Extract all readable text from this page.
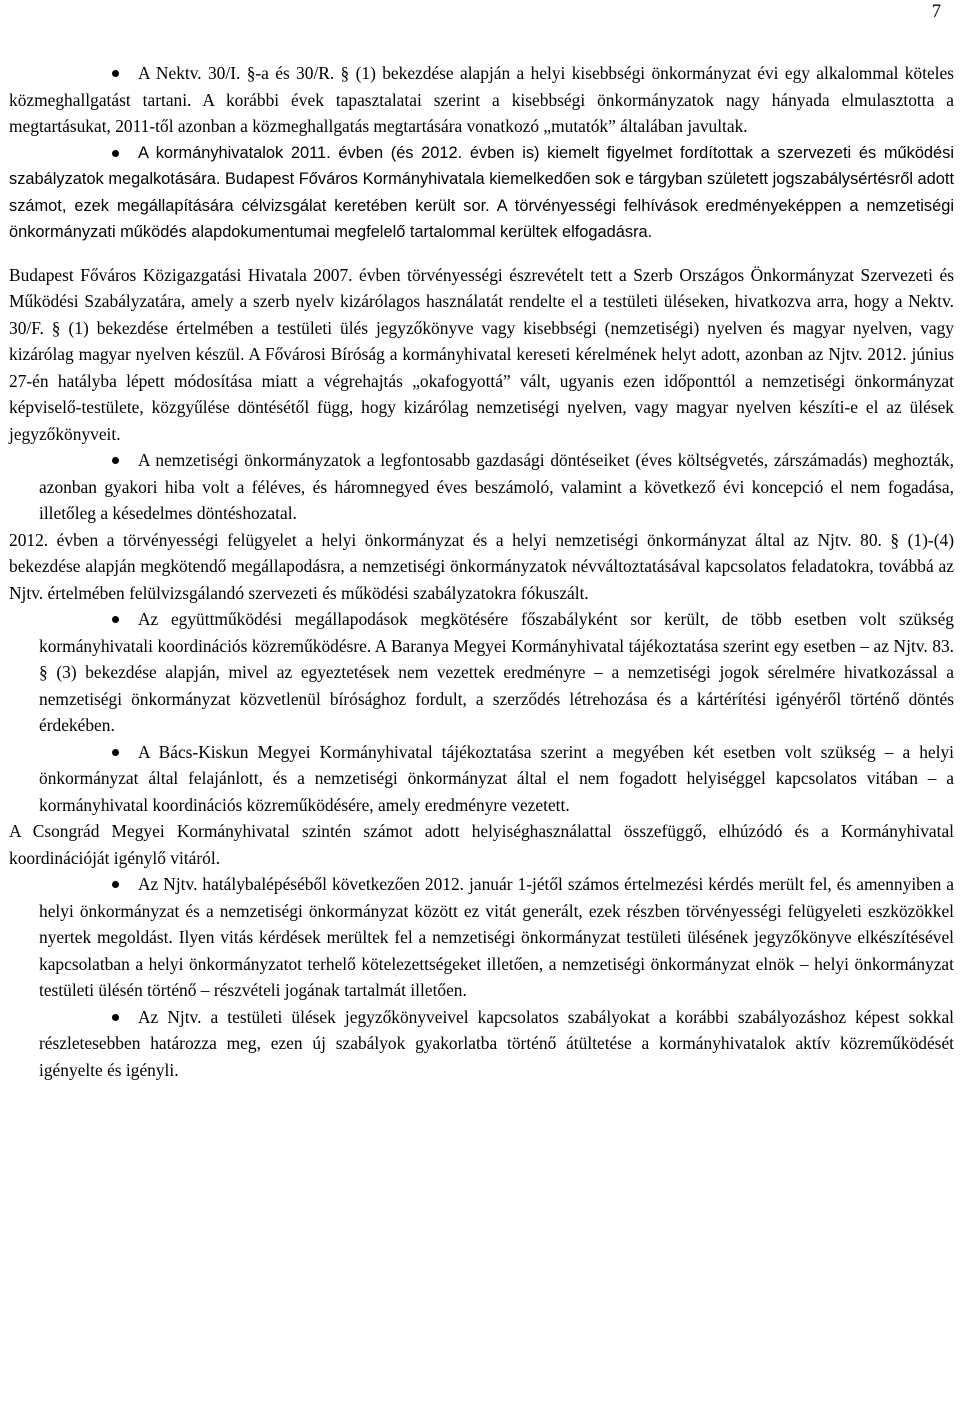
7

A Nektv. 30/I. §-a és 30/R. § (1) bekezdése alapján a helyi kisebbségi önkormányzat évi egy alkalommal köteles közmeghallgatást tartani. A korábbi évek tapasztalatai szerint a kisebbségi önkormányzatok nagy hányada elmulasztotta a megtartásukat, 2011-től azonban a közmeghallgatás megtartására vonatkozó „mutatók” általában javultak.

A kormányhivatalok 2011. évben (és 2012. évben is) kiemelt figyelmet fordítottak a szervezeti és működési szabályzatok megalkotására. Budapest Főváros Kormányhivatala kiemelkedően sok e tárgyban született jogszabálysértésről adott számot, ezek megállapítására célvizsgálat keretében került sor. A törvényességi felhívások eredményeképpen a nemzetiségi önkormányzati működés alapdokumentumai megfelelő tartalommal kerültek elfogadásra.

Budapest Főváros Közigazgatási Hivatala 2007. évben törvényességi észrevételt tett a Szerb Országos Önkormányzat Szervezeti és Működési Szabályzatára, amely a szerb nyelv kizárólagos használatát rendelte el a testületi üléseken, hivatkozva arra, hogy a Nektv. 30/F. § (1) bekezdése értelmében a testületi ülés jegyzőkönyve vagy kisebbségi (nemzetiségi) nyelven és magyar nyelven, vagy kizárólag magyar nyelven készül. A Fővárosi Bíróság a kormányhivatal kereseti kérelmének helyt adott, azonban az Njtv. 2012. június 27-én hatályba lépett módosítása miatt a végrehajtás „okafogyottá” vált, ugyanis ezen időponttól a nemzetiségi önkormányzat képviselő-testülete, közgyűlése döntésétől függ, hogy kizárólag nemzetiségi nyelven, vagy magyar nyelven készíti-e el az ülések jegyzőkönyveit.

A nemzetiségi önkormányzatok a legfontosabb gazdasági döntéseiket (éves költségvetés, zárszámadás) meghozták, azonban gyakori hiba volt a féléves, és háromnegyed éves beszámoló, valamint a következő évi koncepció el nem fogadása, illetőleg a késedelmes döntéshozatal.

2012. évben a törvényességi felügyelet a helyi önkormányzat és a helyi nemzetiségi önkormányzat által az Njtv. 80. § (1)-(4) bekezdése alapján megkötendő megállapodásra, a nemzetiségi önkormányzatok névváltoztatásával kapcsolatos feladatokra, továbbá az Njtv. értelmében felülvizsgálandó szervezeti és működési szabályzatokra fókuszált.

Az együttműködési megállapodások megkötésére főszabályként sor került, de több esetben volt szükség kormányhivatali koordinációs közreműködésre. A Baranya Megyei Kormányhivatal tájékoztatása szerint egy esetben – az Njtv. 83. § (3) bekezdése alapján, mivel az egyeztetések nem vezettek eredményre – a nemzetiségi jogok sérelmére hivatkozással a nemzetiségi önkormányzat közvetlenül bírósághoz fordult, a szerződés létrehozása és a kártérítési igényéről történő döntés érdekében.

A Bács-Kiskun Megyei Kormányhivatal tájékoztatása szerint a megyében két esetben volt szükség – a helyi önkormányzat által felajánlott, és a nemzetiségi önkormányzat által el nem fogadott helyiséggel kapcsolatos vitában – a kormányhivatal koordinációs közreműködésére, amely eredményre vezetett.

A Csongrád Megyei Kormányhivatal szintén számot adott helyiséghasználattal összefüggő, elhúzódó és a Kormányhivatal koordinációját igénylő vitáról.

Az Njtv. hatálybalépéséből következően 2012. január 1-jétől számos értelmezési kérdés merült fel, és amennyiben a helyi önkormányzat és a nemzetiségi önkormányzat között ez vitát generált, ezek részben törvényességi felügyeleti eszközökkel nyertek megoldást. Ilyen vitás kérdések merültek fel a nemzetiségi önkormányzat testületi ülésének jegyzőkönyve elkészítésével kapcsolatban a helyi önkormányzatot terhelő kötelezettségeket illetően, a nemzetiségi önkormányzat elnök – helyi önkormányzat testületi ülésén történő – részvételi jogának tartalmát illetően.

Az Njtv. a testületi ülések jegyzőkönyveivel kapcsolatos szabályokat a korábbi szabályozáshoz képest sokkal részletesebben határozza meg, ezen új szabályok gyakorlatba történő átültetése a kormányhivatalok aktív közreműködését igényelte és igényli.
